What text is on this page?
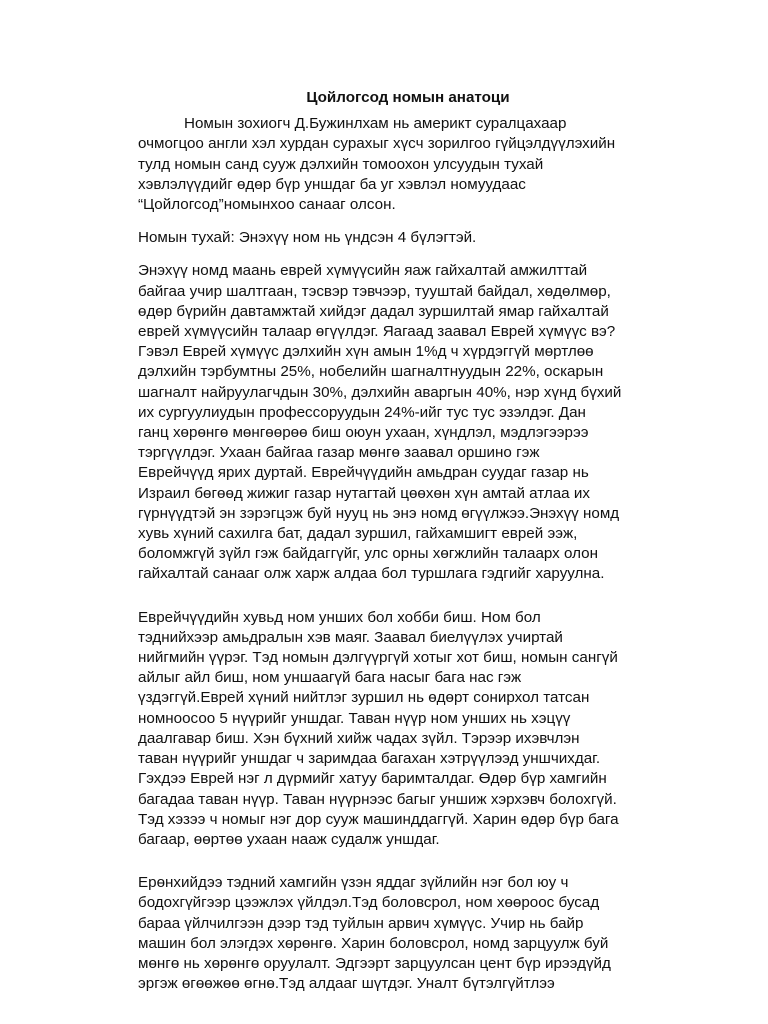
Цойлогсод номын анатоци

Номын зохиогч Д.Бужинлхам нь америкт суралцахаар
очмогцоо англи хэл хурдан сурахыг хүсч зорилгоо гүйцэлдүүлэхийн
тулд номын санд сууж дэлхийн томоохон улсуудын тухай
хэвлэлүүдийг өдөр бүр уншдаг ба уг хэвлэл номуудаас
“Цойлогсод”номынхоо санааг олсон.

Номын тухай: Энэхүү ном нь үндсэн 4 бүлэгтэй.

Энэхүү номд маань еврей хүмүүсийн яаж гайхалтай амжилттай
байгаа учир шалтгаан, тэсвэр тэвчээр, тууштай байдал, хөдөлмөр,
өдөр бүрийн давтамжтай хийдэг дадал зуршилтай ямар гайхалтай
еврей хүмүүсийн талаар өгүүлдэг. Яагаад заавал Еврей хүмүүс вэ?
Гэвэл Еврей хүмүүс дэлхийн хүн амын 1%д ч хүрдэггүй мөртлөө
дэлхийн тэрбумтны 25%, нобелийн шагналтнуудын 22%, оскарын
шагналт найруулагчдын 30%, дэлхийн аваргын 40%, нэр хүнд бүхий
их сургуулиудын профессоруудын 24%-ийг тус тус эзэлдэг. Дан
ганц хөрөнгө мөнгөөрөө биш оюун ухаан, хүндлэл, мэдлэгээрээ
тэргүүлдэг. Ухаан байгаа газар мөнгө заавал оршино гэж
Еврейчүүд ярих дуртай. Еврейчүүдийн амьдран суудаг газар нь
Израил бөгөөд жижиг газар нутагтай цөөхөн хүн амтай атлаа их
гүрнүүдтэй эн зэрэгцэж буй нууц нь энэ номд өгүүлжээ.Энэхүү номд
хувь хүний сахилга бат, дадал зуршил, гайхамшигт еврей ээж,
боломжгүй зүйл гэж байдаггүйг, улс орны хөгжлийн талаарх олон
гайхалтай санааг олж харж алдаа бол туршлага гэдгийг харуулна.

Еврейчүүдийн хувьд ном унших бол хобби биш. Ном бол
тэднийхээр амьдралын хэв маяг. Заавал биелүүлэх учиртай
нийгмийн үүрэг. Тэд номын дэлгүүргүй хотыг хот биш, номын сангүй
айлыг айл биш, ном уншаагүй бага насыг бага нас гэж
үздэггүй.Еврей хүний нийтлэг зуршил нь өдөрт сонирхол татсан
номноосоо 5 нүүрийг уншдаг. Таван нүүр ном унших нь хэцүү
даалгавар биш. Хэн бүхний хийж чадах зүйл. Тэрээр ихэвчлэн
таван нүүрийг уншдаг ч заримдаа багахан хэтрүүлээд уншчихдаг.
Гэхдээ Еврей нэг л дүрмийг хатуу баримталдаг. Өдөр бүр хамгийн
багадаа таван нүүр. Таван нүүрнээс багыг уншиж хэрхэвч болохгүй.
Тэд хэзээ ч номыг нэг дор сууж машинддаггүй. Харин өдөр бүр бага
багаар, өөртөө ухаан нааж судалж уншдаг.

Ерөнхийдээ тэдний хамгийн үзэн яддаг зүйлийн нэг бол юу ч
бодохгүйгээр цээжлэх үйлдэл.Тэд боловсрол, ном хөөроос бусад
бараа үйлчилгээн дээр тэд туйлын арвич хүмүүс. Учир нь байр
машин бол элэгдэх хөрөнгө. Харин боловсрол, номд зарцуулж буй
мөнгө нь хөрөнгө оруулалт. Эдгээрт зарцуулсан цент бүр ирээдүйд
эргэж өгөөжөө өгнө.Тэд алдааг шүтдэг. Уналт бүтэлгүйтлээ
